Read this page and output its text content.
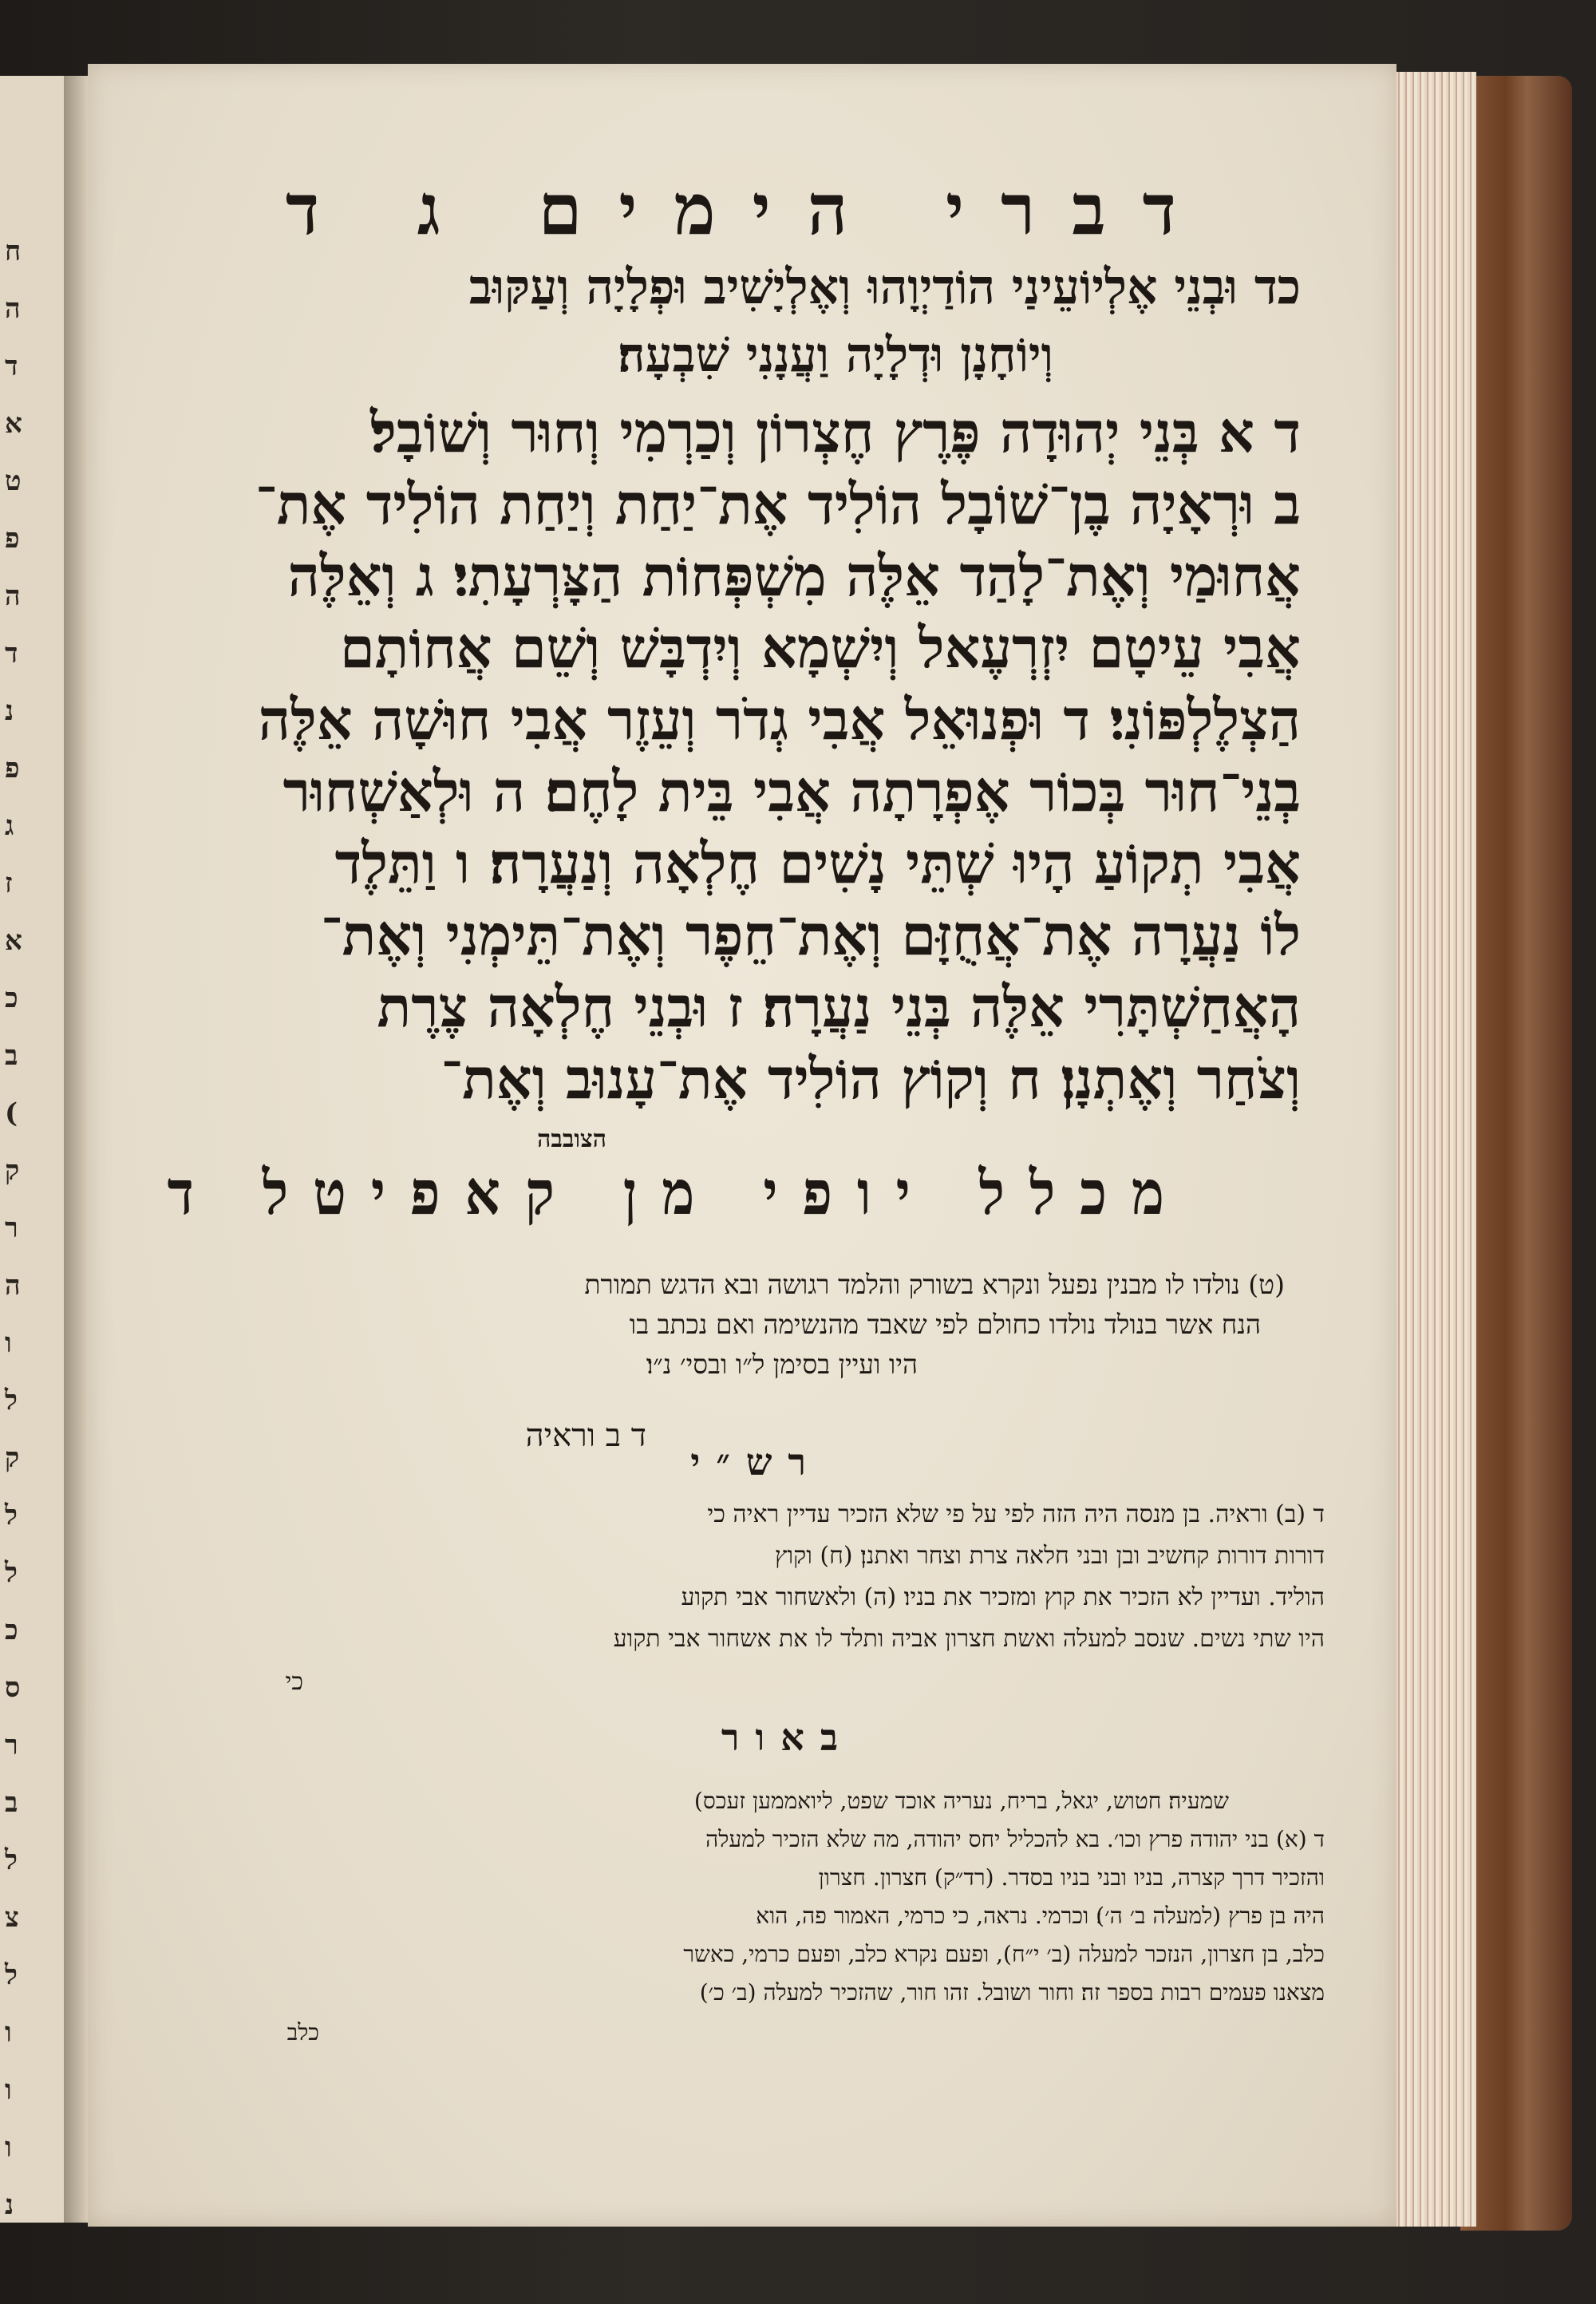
ח
ה
ד
א
ט
פ
ה
ד
נ
פ
ג
ז
א
כ
ב
(
ק
ר
ה
ו
ל
ק
ל
ל
כ
ס
ר
ב
ל
צ
ל
ו
ו
ו
נ
דברי הימים ג ד
כד וּבְנֵי אֶלְיוֹעֵינַי הוֹדַיְוָהוּ וְאֶלְיָשִׁיב וּפְלָיָה וְעַקּוּב
וְיוֹחָנָן וּדְלָיָה וַעֲנָנִי שִׁבְעָה׃
ד א בְּנֵי יְהוּדָה פֶּרֶץ חֶצְרוֹן וְכַרְמִי וְחוּר וְשׁוֹבָל׃
ב וּרְאָיָה בֶן־שׁוֹבָל הוֹלִיד אֶת־יַחַת וְיַחַת הוֹלִיד אֶת־
אֲחוּמַי וְאֶת־לָהַד אֵלֶּה מִשְׁפְּחוֹת הַצָּרְעָתִי׃ ג וְאֵלֶּה
אֲבִי עֵיטָם יִזְרְעֶאל וְיִשְׁמָא וְיִדְבָּשׁ וְשֵׁם אֲחוֹתָם
הַצְלֶלְפּוֹנִי׃ ד וּפְנוּאֵל אֲבִי גְדֹר וְעֵזֶר אֲבִי חוּשָׁה אֵלֶּה
בְנֵי־חוּר בְּכוֹר אֶפְרָתָה אֲבִי בֵּית לָחֶם׃ ה וּלְאַשְׁחוּר
אֲבִי תְקוֹעַ הָיוּ שְׁתֵּי נָשִׁים חֶלְאָה וְנַעֲרָה׃ ו וַתֵּלֶד
לוֹ נַעֲרָה אֶת־אֲחֻזָּם וְאֶת־חֵפֶר וְאֶת־תֵּימְנִי וְאֶת־
הָאֲחַשְׁתָּרִי אֵלֶּה בְּנֵי נַעֲרָה׃ ז וּבְנֵי חֶלְאָה צֶרֶת
וְצֹחַר וְאֶתְנָן׃ ח וְקוֹץ הוֹלִיד אֶת־עָנוּב וְאֶת־
הצובבה
מכלל יופי מן קאפיטל ד
(ט) נולדו לו מבנין נפעל ונקרא בשורק והלמד רגושה ובא הדגש תמורת
הנח אשר בנולד נולדו כחולם לפי שאבד מהנשימה ואם נכתב בו
היו ועיין בסימן ל״ו ובסי׳ נ״ו׃
ד ב וראיה
רש״י
ד (ב) וראיה. בן מנסה היה הזה לפי על פי שלא הזכיר עדיין ראיה כי
דורות דורות קחשיב ובן ובני חלאה צרת וצחר ואתנן׃ (ח) וקוץ
הוליד. ועדיין לא הזכיר את קוץ ומזכיר את בניו׃ (ה) ולאשחור אבי תקוע
היו שתי נשים. שנסב למעלה ואשת חצרון אביה ותלד לו את אשחור אבי תקוע
כי
באור
שמעיה׃ חטוש, יגאל, בריח, נעריה אוכד שפט, ליואממען זעכס)
ד (א) בני יהודה פרץ וכו׳. בא להכליל יחס יהודה, מה שלא הזכיר למעלה
והזכיר דרך קצרה, בניו ובני בניו בסדר. (רד״ק) חצרון. חצרון
היה בן פרץ (למעלה ב׳ ה׳)׃ וכרמי. נראה, כי כרמי, האמור פה, הוא
כלב, בן חצרון, הנזכר למעלה (ב׳ י״ח), ופעם נקרא כלב, ופעם כרמי, כאשר
מצאנו פעמים רבות בספר זה׃ וחור ושובל. זהו חור, שהזכיר למעלה (ב׳ כ׳)
כלב
